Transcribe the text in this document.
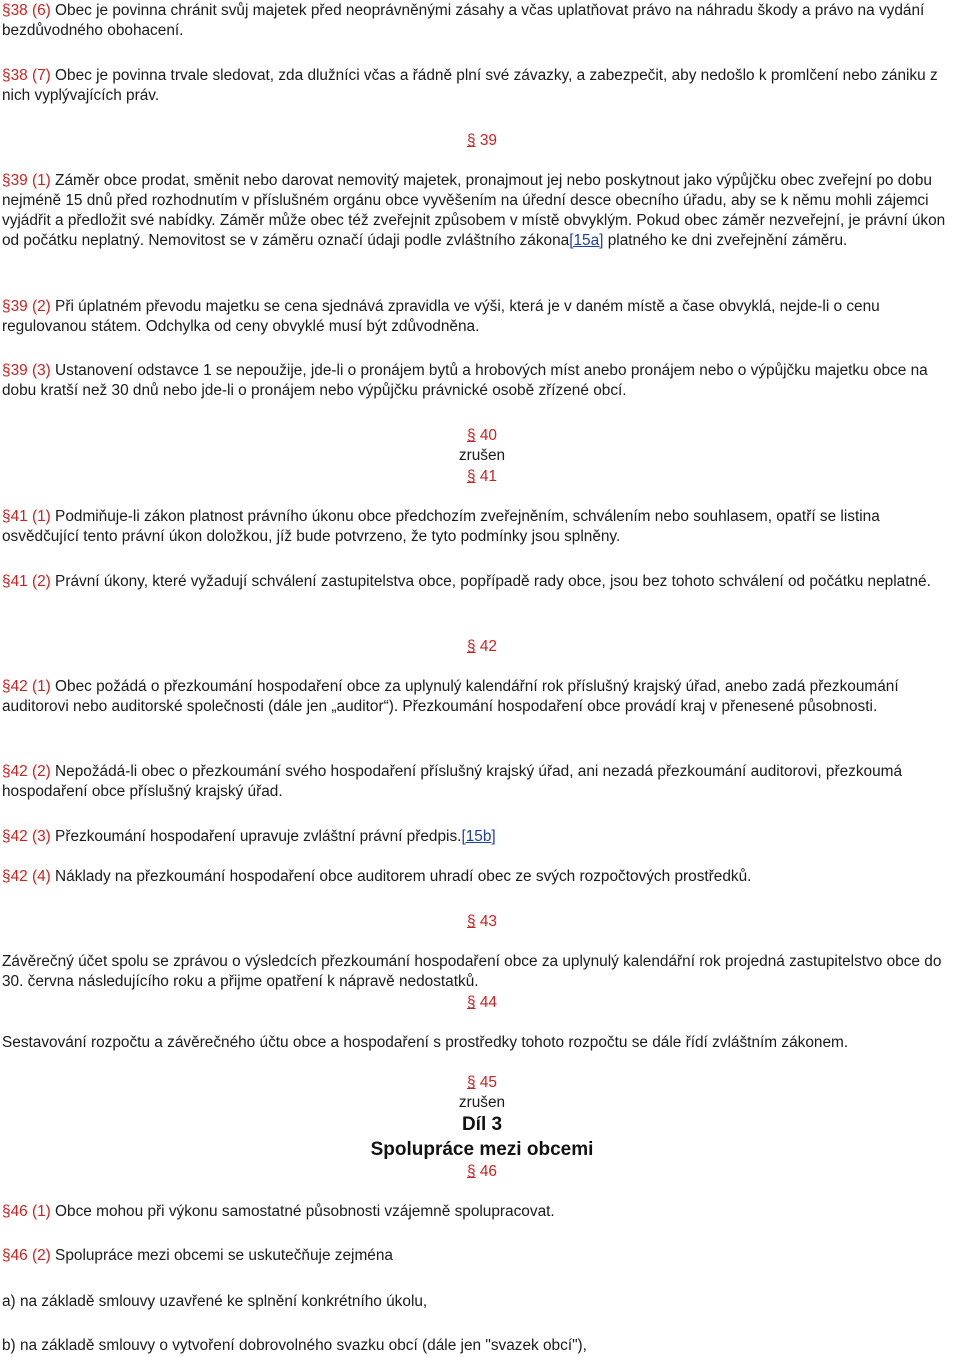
§38 (6) Obec je povinna chránit svůj majetek před neoprávněnými zásahy a včas uplatňovat právo na náhradu škody a právo na vydání bezdůvodného obohacení.

§38 (7) Obec je povinna trvale sledovat, zda dlužníci včas a řádně plní své závazky, a zabezpečit, aby nedošlo k promlčení nebo zániku z nich vyplývajících práv.

§ 39

§39 (1) Záměr obce prodat, směnit nebo darovat nemovitý majetek, pronajmout jej nebo poskytnout jako výpůjčku obec zveřejní po dobu nejméně 15 dnů před rozhodnutím v příslušném orgánu obce vyvěšením na úřední desce obecního úřadu, aby se k němu mohli zájemci vyjádřit a předložit své nabídky. Záměr může obec též zveřejnit způsobem v místě obvyklým. Pokud obec záměr nezveřejní, je právní úkon od počátku neplatný. Nemovitost se v záměru označí údaji podle zvláštního zákona[15a] platného ke dni zveřejnění záměru.

§39 (2) Při úplatném převodu majetku se cena sjednává zpravidla ve výši, která je v daném místě a čase obvyklá, nejde-li o cenu regulovanou státem. Odchylka od ceny obvyklé musí být zdůvodněna.

§39 (3) Ustanovení odstavce 1 se nepoužije, jde-li o pronájem bytů a hrobových míst anebo pronájem nebo o výpůjčku majetku obce na dobu kratší než 30 dnů nebo jde-li o pronájem nebo výpůjčku právnické osobě zřízené obcí.

§ 40
zrušen
§ 41

§41 (1) Podmiňuje-li zákon platnost právního úkonu obce předchozím zveřejněním, schválením nebo souhlasem, opatří se listina osvědčující tento právní úkon doložkou, jíž bude potvrzeno, že tyto podmínky jsou splněny.

§41 (2) Právní úkony, které vyžadují schválení zastupitelstva obce, popřípadě rady obce, jsou bez tohoto schválení od počátku neplatné.

§ 42

§42 (1) Obec požádá o přezkoumání hospodaření obce za uplynulý kalendářní rok příslušný krajský úřad, anebo zadá přezkoumání auditorovi nebo auditorské společnosti (dále jen „auditor“). Přezkoumání hospodaření obce provádí kraj v přenesené působnosti.

§42 (2) Nepožádá-li obec o přezkoumání svého hospodaření příslušný krajský úřad, ani nezadá přezkoumání auditorovi, přezkoumá hospodaření obce příslušný krajský úřad.

§42 (3) Přezkoumání hospodaření upravuje zvláštní právní předpis.[15b]

§42 (4) Náklady na přezkoumání hospodaření obce auditorem uhradí obec ze svých rozpočtových prostředků.

§ 43

Závěrečný účet spolu se zprávou o výsledcích přezkoumání hospodaření obce za uplynulý kalendářní rok projedná zastupitelstvo obce do 30. června následujícího roku a přijme opatření k nápravě nedostatků.

§ 44

Sestavování rozpočtu a závěrečného účtu obce a hospodaření s prostředky tohoto rozpočtu se dále řídí zvláštním zákonem.

§ 45
zrušen
Díl 3
Spolupráce mezi obcemi
§ 46

§46 (1) Obce mohou při výkonu samostatné působnosti vzájemně spolupracovat.

§46 (2) Spolupráce mezi obcemi se uskutečňuje zejména

a) na základě smlouvy uzavřené ke splnění konkrétního úkolu,

b) na základě smlouvy o vytvoření dobrovolného svazku obcí (dále jen "svazek obcí"),
